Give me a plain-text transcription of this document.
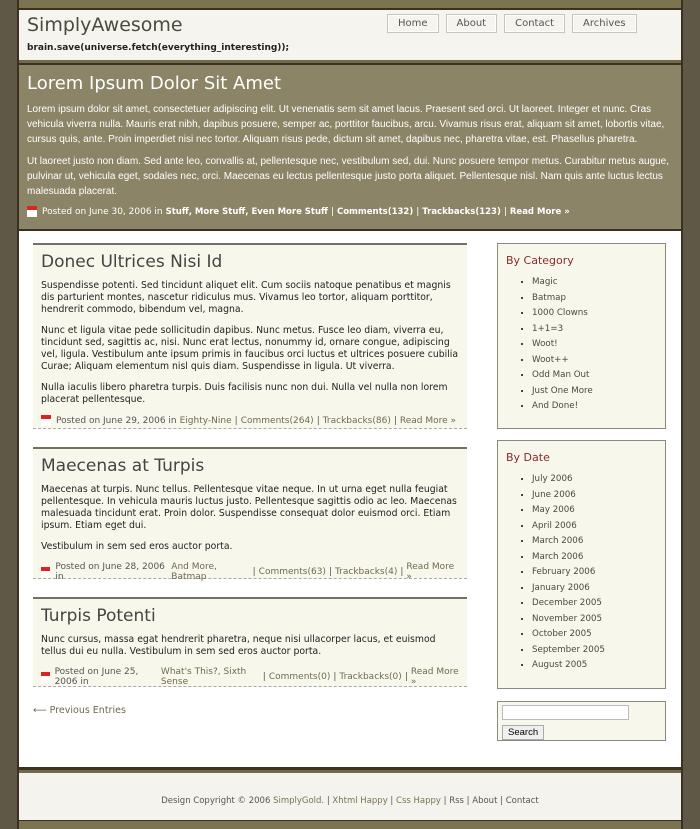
SimplyAwesome
brain.save(universe.fetch(everything_interesting));
Home	About	Contact	Archives
Lorem Ipsum Dolor Sit Amet

Lorem ipsum dolor sit amet, consectetuer adipiscing elit. Ut venenatis sem sit amet lacus. Praesent sed orci. Ut laoreet. Integer et nunc. Cras vehicula viverra nulla. Mauris erat nibh, dapibus posuere, semper ac, porttitor faucibus, arcu. Vivamus risus erat, aliquam sit amet, lobortis vitae, cursus quis, ante. Proin imperdiet nisi nec tortor. Aliquam risus pede, dictum sit amet, dapibus nec, pharetra vitae, est. Phasellus pharetra.

Ut laoreet justo non diam. Sed ante leo, convallis at, pellentesque nec, vestibulum sed, dui. Nunc posuere tempor metus. Curabitur metus augue, pulvinar ut, vehicula eget, sodales nec, orci. Maecenas eu lectus pellentesque justo porta aliquet. Pellentesque nisl. Nam quis ante luctus lectus malesuada placerat.

Posted on June 30, 2006 in Stuff, More Stuff, Even More Stuff | Comments(132) | Trackbacks(123) | Read More »
Donec Ultrices Nisi Id

Suspendisse potenti. Sed tincidunt aliquet elit. Cum sociis natoque penatibus et magnis dis parturient montes, nascetur ridiculus mus. Vivamus leo tortor, aliquam porttitor, hendrerit commodo, bibendum vel, magna.

Nunc et ligula vitae pede sollicitudin dapibus. Nunc metus. Fusce leo diam, viverra eu, tincidunt sed, sagittis ac, nisi. Nunc erat lectus, nonummy id, ornare congue, adipiscing vel, ligula. Vestibulum ante ipsum primis in faucibus orci luctus et ultrices posuere cubilia Curae; Aliquam elementum nisl quis diam. Suspendisse in ligula. Ut viverra.

Nulla iaculis libero pharetra turpis. Duis facilisis nunc non dui. Nulla vel nulla non lorem placerat pellentesque.

Posted on June 29, 2006 in Eighty-Nine | Comments(264) | Trackbacks(86) | Read More »
Maecenas at Turpis

Maecenas at turpis. Nunc tellus. Pellentesque vitae neque. In ut urna eget nulla feugiat pellentesque. In vehicula mauris luctus justo. Pellentesque sagittis odio ac leo. Maecenas malesuada tincidunt erat. Proin dolor. Suspendisse consequat dolor euismod orci. Etiam ipsum. Etiam eget dui.

Vestibulum in sem sed eros auctor porta.

Posted on June 28, 2006 in
And More, Batmap	| Comments(63) | Trackbacks(4) | Read More »
Turpis Potenti

Nunc cursus, massa egat hendrerit pharetra, neque nisi ullacorper lacus, et euismod tellus dui eu nulla. Vestibulum in sem sed eros auctor porta.

Posted on June 25, 2006 in
What's This?, Sixth Sense	| Comments(0) | Trackbacks(0) | Read More »
⟵ Previous Entries
By Category
▪ Magic
▪ Batmap
▪ 1000 Clowns
▪ 1+1=3
▪ Woot!
▪ Woot++
▪ Odd Man Out
▪ Just One More
▪ And Done!
By Date
▪ July 2006
▪ June 2006
▪ May 2006
▪ April 2006
▪ March 2006
▪ March 2006
▪ February 2006
▪ January 2006
▪ December 2005
▪ November 2005
▪ October 2005
▪ September 2005
▪ August 2005
Search
Design Copyright © 2006 SimplyGold. | Xhtml Happy | Css Happy | Rss | About | Contact
